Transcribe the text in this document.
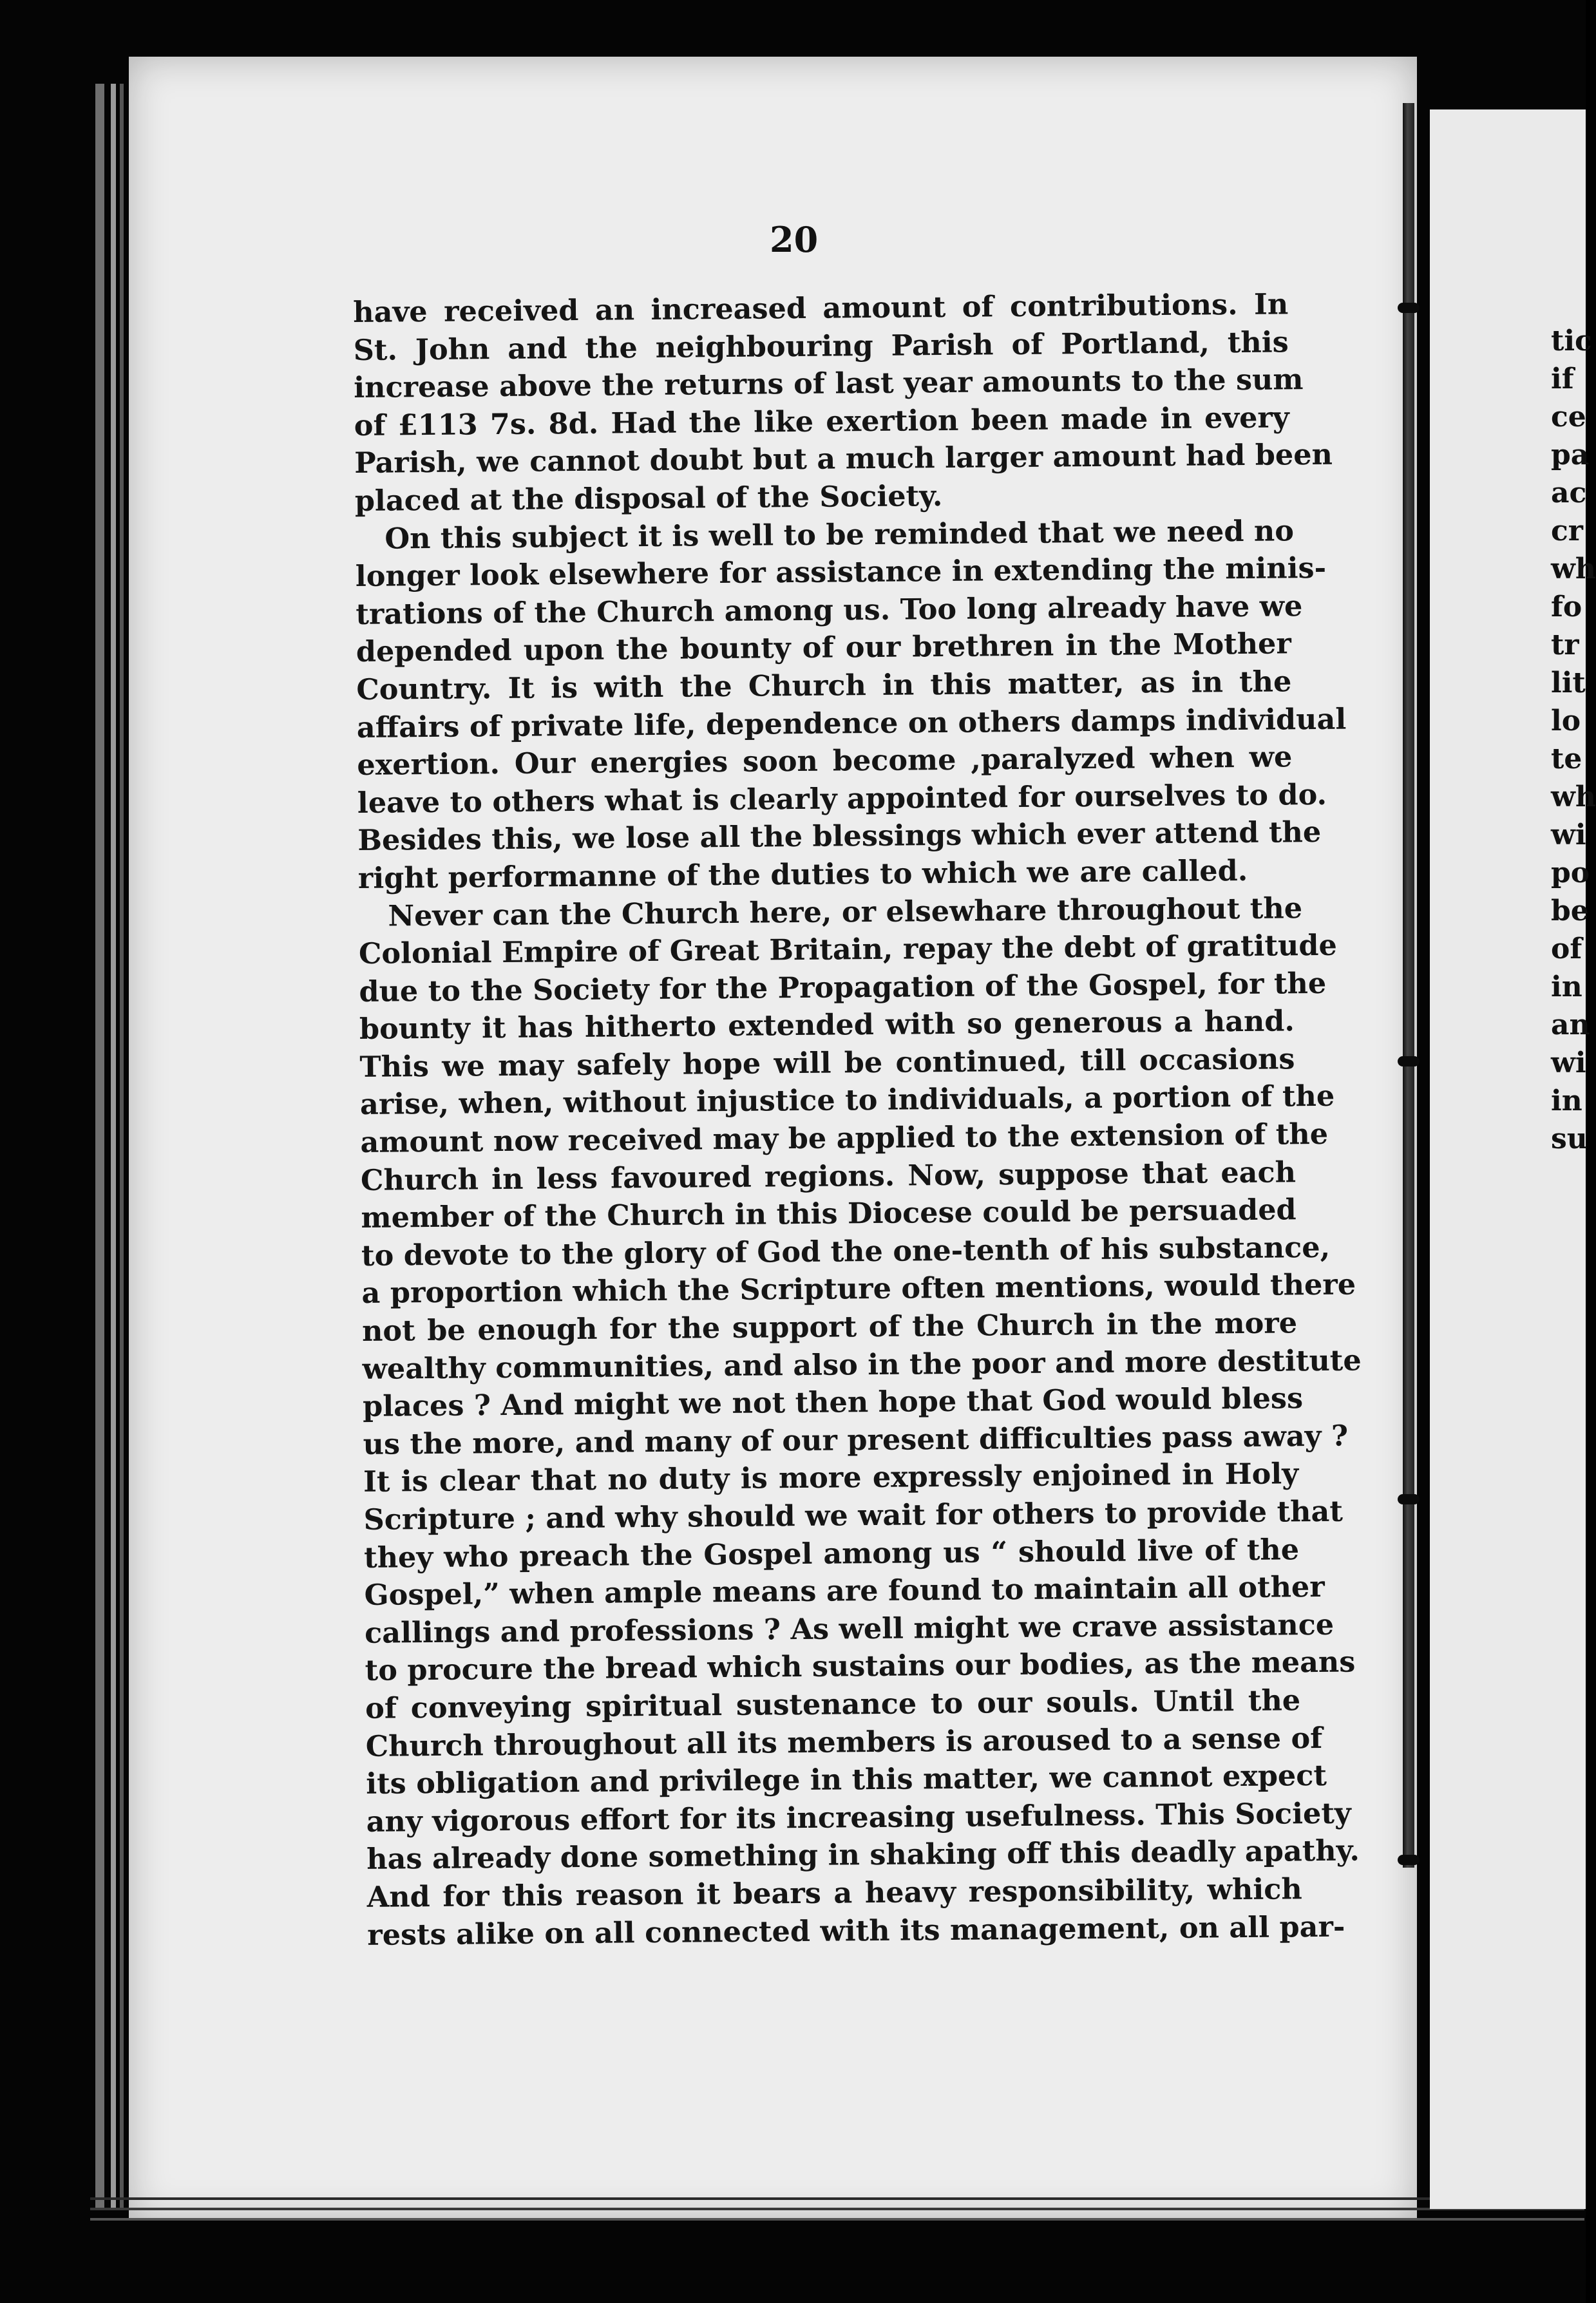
tic
if
ce
pa
ac
cr
wh
fo
tr
lit
lo
te
wh
wi
po
be
of
in
an
wi
in
su
20
have received an increased amount of contributions. In
St. John and the neighbouring Parish of Portland, this
increase above the returns of last year amounts to the sum
of £113 7s. 8d. Had the like exertion been made in every
Parish, we cannot doubt but a much larger amount had been
placed at the disposal of the Society.
On this subject it is well to be reminded that we need no
longer look elsewhere for assistance in extending the minis-
trations of the Church among us. Too long already have we
depended upon the bounty of our brethren in the Mother
Country. It is with the Church in this matter, as in the
affairs of private life, dependence on others damps individual
exertion. Our energies soon become ,paralyzed when we
leave to others what is clearly appointed for ourselves to do.
Besides this, we lose all the blessings which ever attend the
right performanne of the duties to which we are called.
Never can the Church here, or elsewhare throughout the
Colonial Empire of Great Britain, repay the debt of gratitude
due to the Society for the Propagation of the Gospel, for the
bounty it has hitherto extended with so generous a hand.
This we may safely hope will be continued, till occasions
arise, when, without injustice to individuals, a portion of the
amount now received may be applied to the extension of the
Church in less favoured regions. Now, suppose that each
member of the Church in this Diocese could be persuaded
to devote to the glory of God the one-tenth of his substance,
a proportion which the Scripture often mentions, would there
not be enough for the support of the Church in the more
wealthy communities, and also in the poor and more destitute
places ? And might we not then hope that God would bless
us the more, and many of our present difficulties pass away ?
It is clear that no duty is more expressly enjoined in Holy
Scripture ; and why should we wait for others to provide that
they who preach the Gospel among us “ should live of the
Gospel,” when ample means are found to maintain all other
callings and professions ? As well might we crave assistance
to procure the bread which sustains our bodies, as the means
of conveying spiritual sustenance to our souls. Until the
Church throughout all its members is aroused to a sense of
its obligation and privilege in this matter, we cannot expect
any vigorous effort for its increasing usefulness. This Society
has already done something in shaking off this deadly apathy.
And for this reason it bears a heavy responsibility, which
rests alike on all connected with its management, on all par-
